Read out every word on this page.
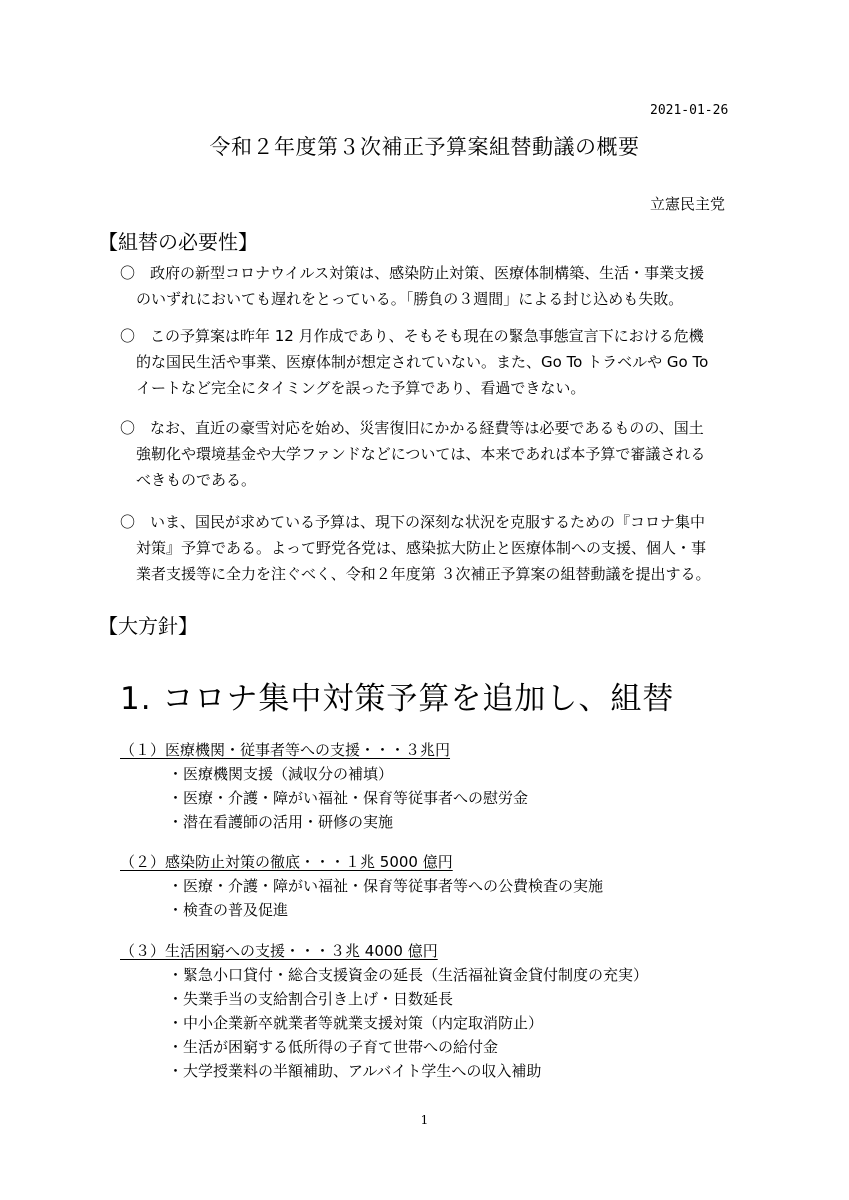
2021-01-26
令和２年度第３次補正予算案組替動議の概要
立憲民主党
【組替の必要性】
〇 政府の新型コロナウイルス対策は、感染防止対策、医療体制構築、生活・事業支援
のいずれにおいても遅れをとっている。「勝負の３週間」による封じ込めも失敗。
〇 この予算案は昨年 12 月作成であり、そもそも現在の緊急事態宣言下における危機
的な国民生活や事業、医療体制が想定されていない。また、Go To トラベルや Go To
イートなど完全にタイミングを誤った予算であり、看過できない。
〇 なお、直近の豪雪対応を始め、災害復旧にかかる経費等は必要であるものの、国土
強靭化や環境基金や大学ファンドなどについては、本来であれば本予算で審議される
べきものである。
〇 いま、国民が求めている予算は、現下の深刻な状況を克服するための『コロナ集中
対策』予算である。よって野党各党は、感染拡大防止と医療体制への支援、個人・事
業者支援等に全力を注ぐべく、令和２年度第 ３次補正予算案の組替動議を提出する。
【大方針】
1. コロナ集中対策予算を追加し、組替
（１）医療機関・従事者等への支援・・・３兆円
・医療機関支援（減収分の補填）
・医療・介護・障がい福祉・保育等従事者への慰労金
・潜在看護師の活用・研修の実施
（２）感染防止対策の徹底・・・１兆 5000 億円
・医療・介護・障がい福祉・保育等従事者等への公費検査の実施
・検査の普及促進
（３）生活困窮への支援・・・３兆 4000 億円
・緊急小口貸付・総合支援資金の延長（生活福祉資金貸付制度の充実）
・失業手当の支給割合引き上げ・日数延長
・中小企業新卒就業者等就業支援対策（内定取消防止）
・生活が困窮する低所得の子育て世帯への給付金
・大学授業料の半額補助、アルバイト学生への収入補助
1
